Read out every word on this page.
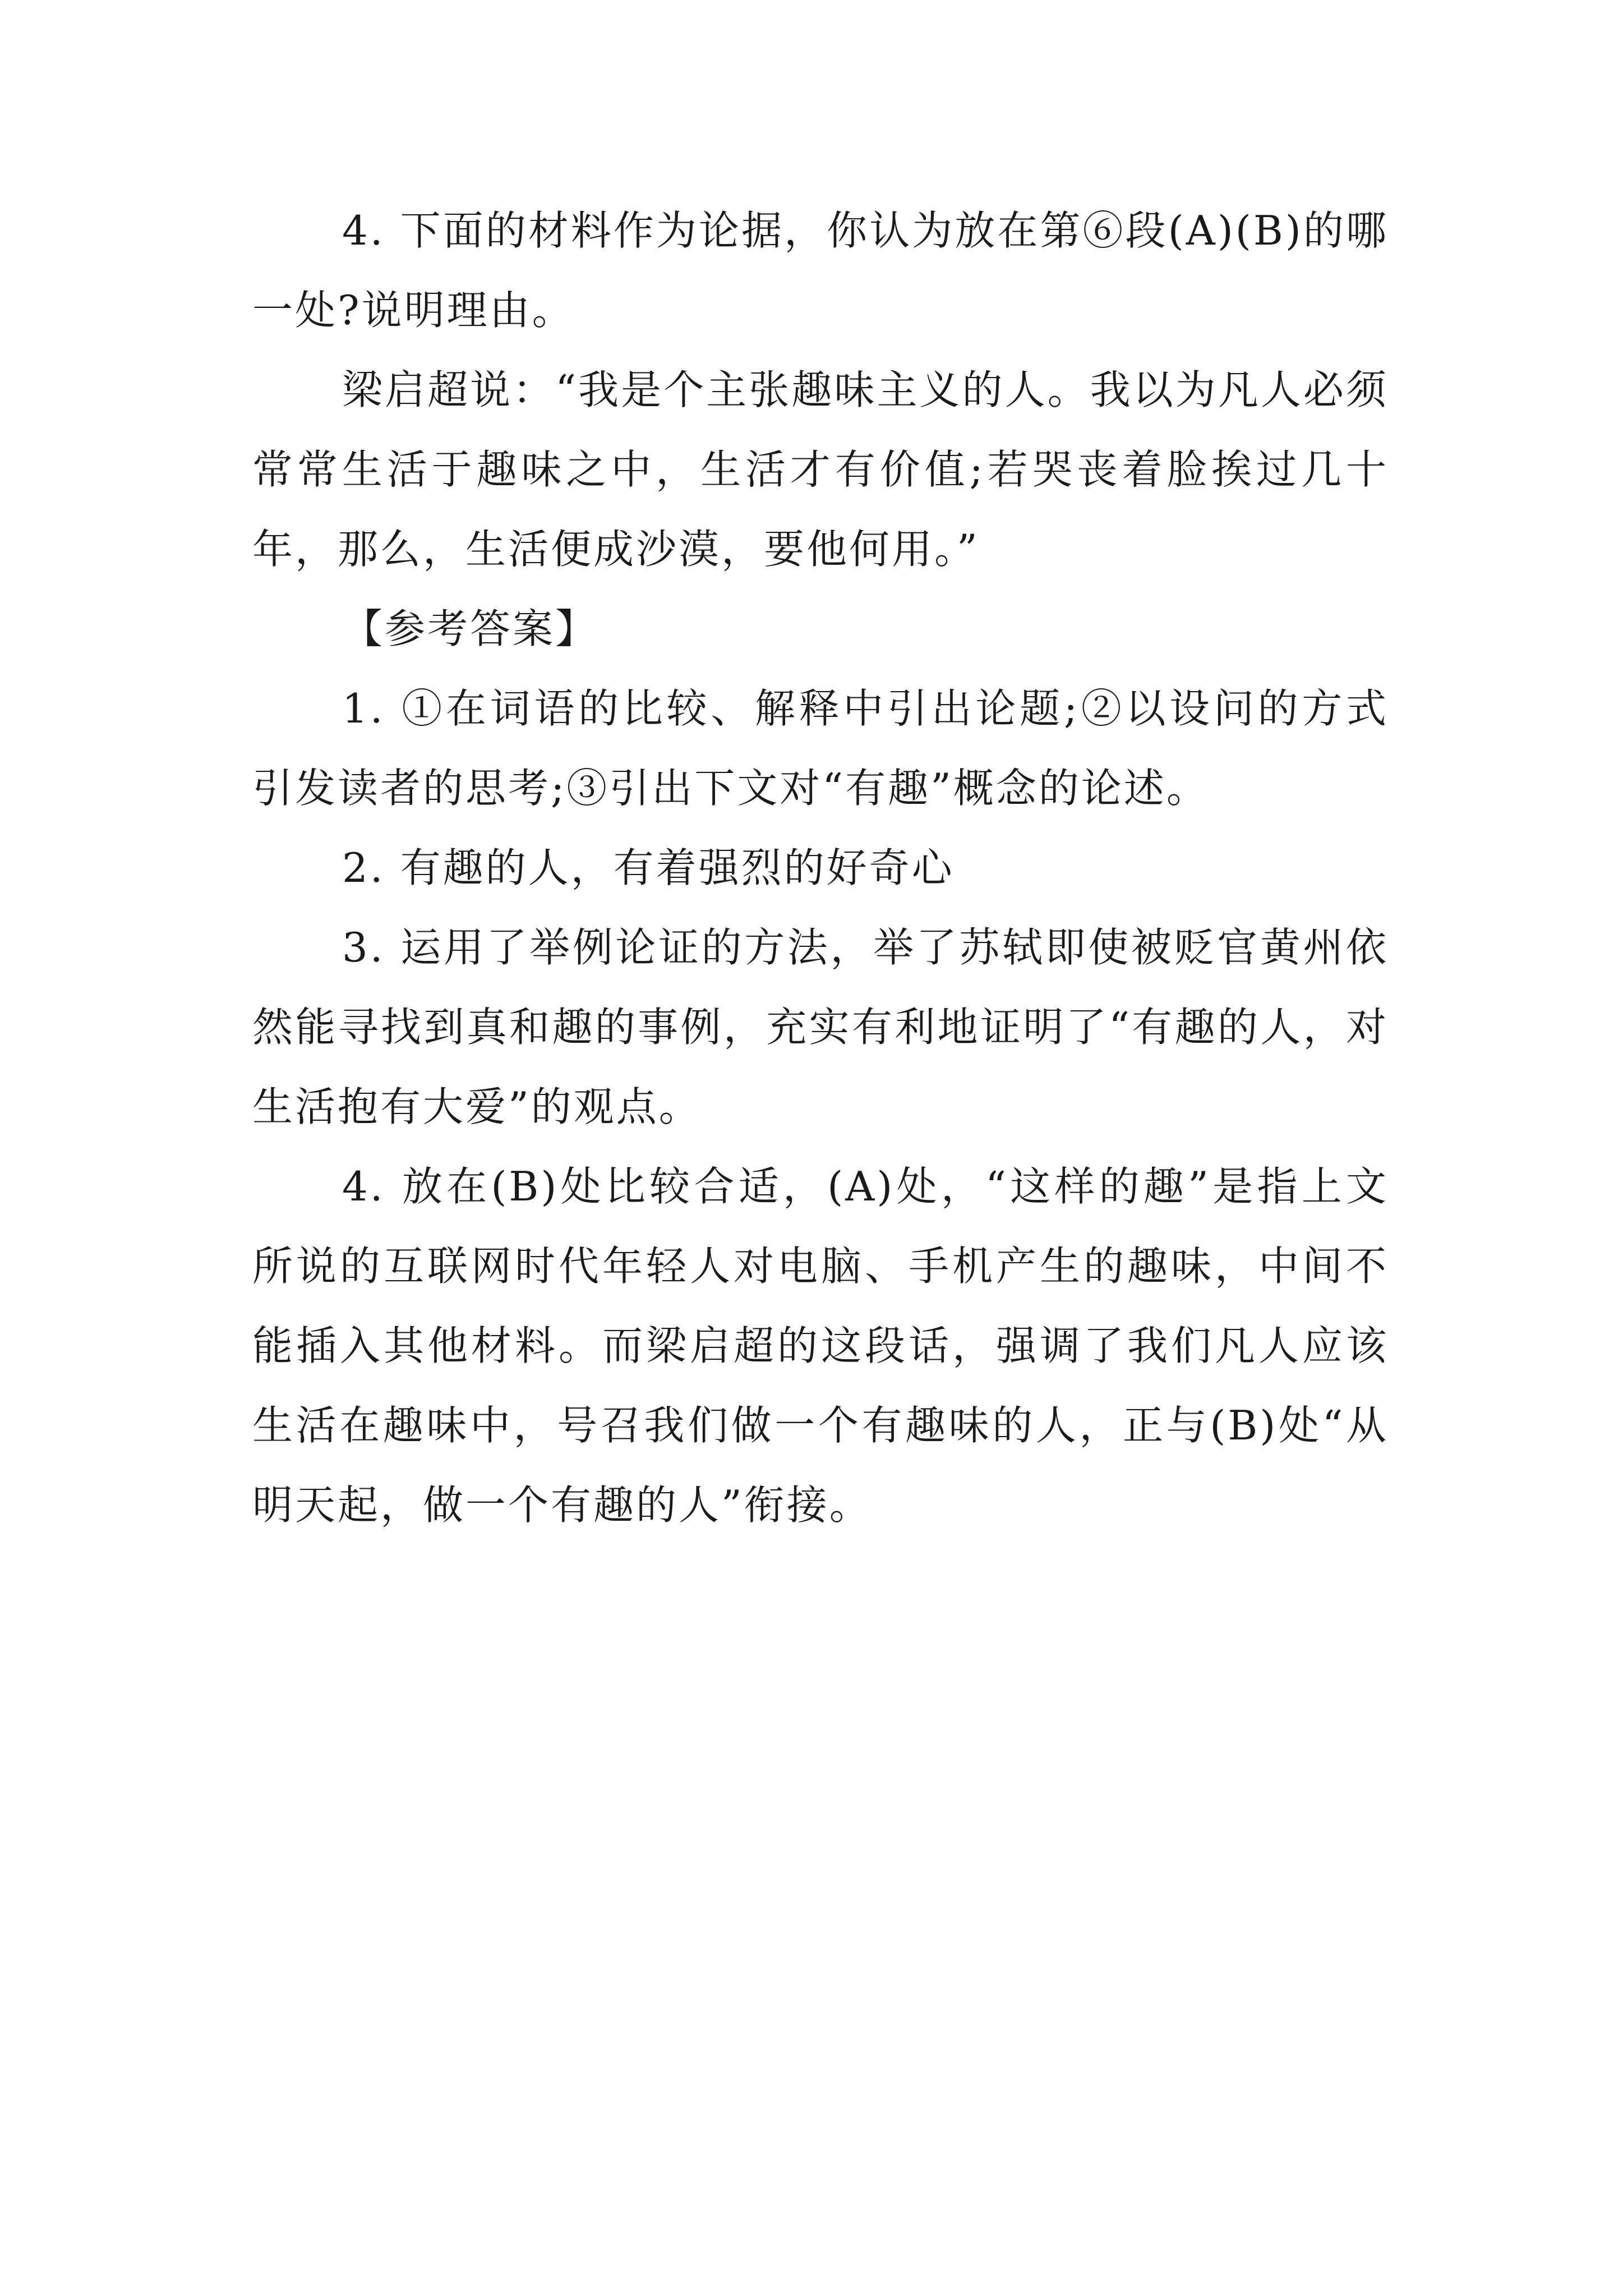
4. 下面的材料作为论据，你认为放在第⑥段(A)(B)的哪一处?说明理由。

梁启超说：“我是个主张趣味主义的人。我以为凡人必须常常生活于趣味之中，生活才有价值;若哭丧着脸挨过几十年，那么，生活便成沙漠，要他何用。”

【参考答案】

1. ①在词语的比较、解释中引出论题;②以设问的方式引发读者的思考;③引出下文对“有趣”概念的论述。

2. 有趣的人，有着强烈的好奇心

3. 运用了举例论证的方法，举了苏轼即使被贬官黄州依然能寻找到真和趣的事例，充实有利地证明了“有趣的人，对生活抱有大爱”的观点。

4. 放在(B)处比较合适，(A)处，“这样的趣”是指上文所说的互联网时代年轻人对电脑、手机产生的趣味，中间不能插入其他材料。而梁启超的这段话，强调了我们凡人应该生活在趣味中，号召我们做一个有趣味的人，正与(B)处“从明天起，做一个有趣的人”衔接。
